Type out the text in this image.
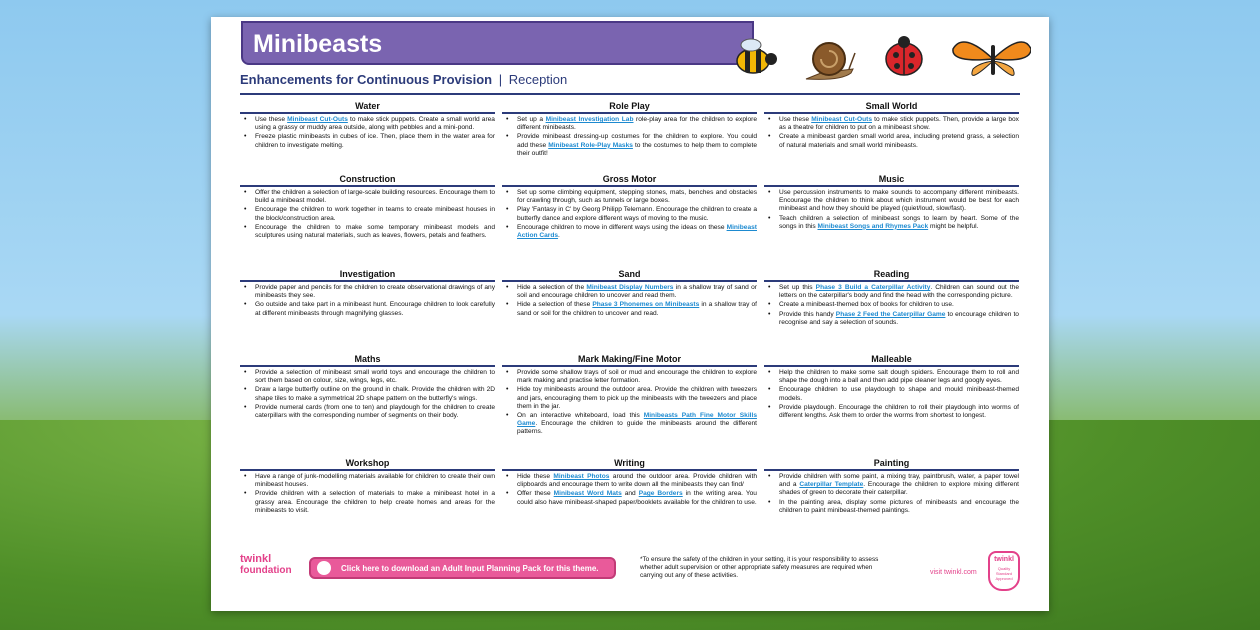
Minibeasts
Enhancements for Continuous Provision | Reception
Water
• Use these Minibeast Cut-Outs to make stick puppets. Create a small world area using a grassy or muddy area outside, along with pebbles and a mini-pond.
• Freeze plastic minibeasts in cubes of ice. Then, place them in the water area for children to investigate melting.
Construction
• Offer the children a selection of large-scale building resources. Encourage them to build a minibeast model.
• Encourage the children to work together in teams to create minibeast houses in the block/construction area.
• Encourage the children to make some temporary minibeast models and sculptures using natural materials, such as leaves, flowers, petals and feathers.
Investigation
• Provide paper and pencils for the children to create observational drawings of any minibeasts they see.
• Go outside and take part in a minibeast hunt. Encourage children to look carefully at different minibeasts through magnifying glasses.
Maths
• Provide a selection of minibeast small world toys and encourage the children to sort them based on colour, size, wings, legs, etc.
• Draw a large butterfly outline on the ground in chalk. Provide the children with 2D shape tiles to make a symmetrical 2D shape pattern on the butterfly's wings.
• Provide numeral cards (from one to ten) and playdough for the children to create caterpillars with the corresponding number of segments on their body.
Workshop
• Have a range of junk-modelling materials available for children to create their own minibeast houses.
• Provide children with a selection of materials to make a minibeast hotel in a grassy area. Encourage the children to help create homes and areas for the minibeasts to visit.
Role Play
• Set up a Minibeast Investigation Lab role-play area for the children to explore different minibeasts.
• Provide minibeast dressing-up costumes for the children to explore. You could add these Minibeast Role-Play Masks to the costumes to help them to complete their outfit!
Gross Motor
• Set up some climbing equipment, stepping stones, mats, benches and obstacles for crawling through, such as tunnels or large boxes.
• Play 'Fantasy in C' by Georg Philipp Telemann. Encourage the children to create a butterfly dance and explore different ways of moving to the music.
• Encourage children to move in different ways using the ideas on these Minibeast Action Cards.
Sand
• Hide a selection of the Minibeast Display Numbers in a shallow tray of sand or soil and encourage children to uncover and read them.
• Hide a selection of these Phase 3 Phonemes on Minibeasts in a shallow tray of sand or soil for the children to uncover and read.
Mark Making/Fine Motor
• Provide some shallow trays of soil or mud and encourage the children to explore mark making and practise letter formation.
• Hide toy minibeasts around the outdoor area. Provide the children with tweezers and jars, encouraging them to pick up the minibeasts with the tweezers and place them in the jar.
• On an interactive whiteboard, load this Minibeasts Path Fine Motor Skills Game. Encourage the children to guide the minibeasts around the different patterns.
Writing
• Hide these Minibeast Photos around the outdoor area. Provide children with clipboards and encourage them to write down all the minibeasts they can find/
• Offer these Minibeast Word Mats and Page Borders in the writing area. You could also have minibeast-shaped paper/booklets available for the children to use.
Small World
• Use these Minibeast Cut-Outs to make stick puppets. Then, provide a large box as a theatre for children to put on a minibeast show.
• Create a minibeast garden small world area, including pretend grass, a selection of natural materials and small world minibeasts.
Music
• Use percussion instruments to make sounds to accompany different minibeasts. Encourage the children to think about which instrument would be best for each minibeast and how they should be played (quiet/loud, slow/fast).
• Teach children a selection of minibeast songs to learn by heart. Some of the songs in this Minibeast Songs and Rhymes Pack might be helpful.
Reading
• Set up this Phase 3 Build a Caterpillar Activity. Children can sound out the letters on the caterpillar's body and find the head with the corresponding picture.
• Create a minibeast-themed box of books for children to use.
• Provide this handy Phase 2 Feed the Caterpillar Game to encourage children to recognise and say a selection of sounds.
Malleable
• Help the children to make some salt dough spiders. Encourage them to roll and shape the dough into a ball and then add pipe cleaner legs and googly eyes.
• Encourage children to use playdough to shape and mould minibeast-themed models.
• Provide playdough. Encourage the children to roll their playdough into worms of different lengths. Ask them to order the worms from shortest to longest.
Painting
• Provide children with some paint, a mixing tray, paintbrush, water, a paper towel and a Caterpillar Template. Encourage the children to explore mixing different shades of green to decorate their caterpillar.
• In the painting area, display some pictures of minibeasts and encourage the children to paint minibeast-themed paintings.
twinkl
foundation	Click here to download an Adult Input Planning Pack for this theme.
*To ensure the safety of the children in your setting, it is your responsibility to assess whether adult supervision or other appropriate safety measures are required when carrying out any of these activities.	visit twinkl.com
twinkl
Quality Standard Approved
